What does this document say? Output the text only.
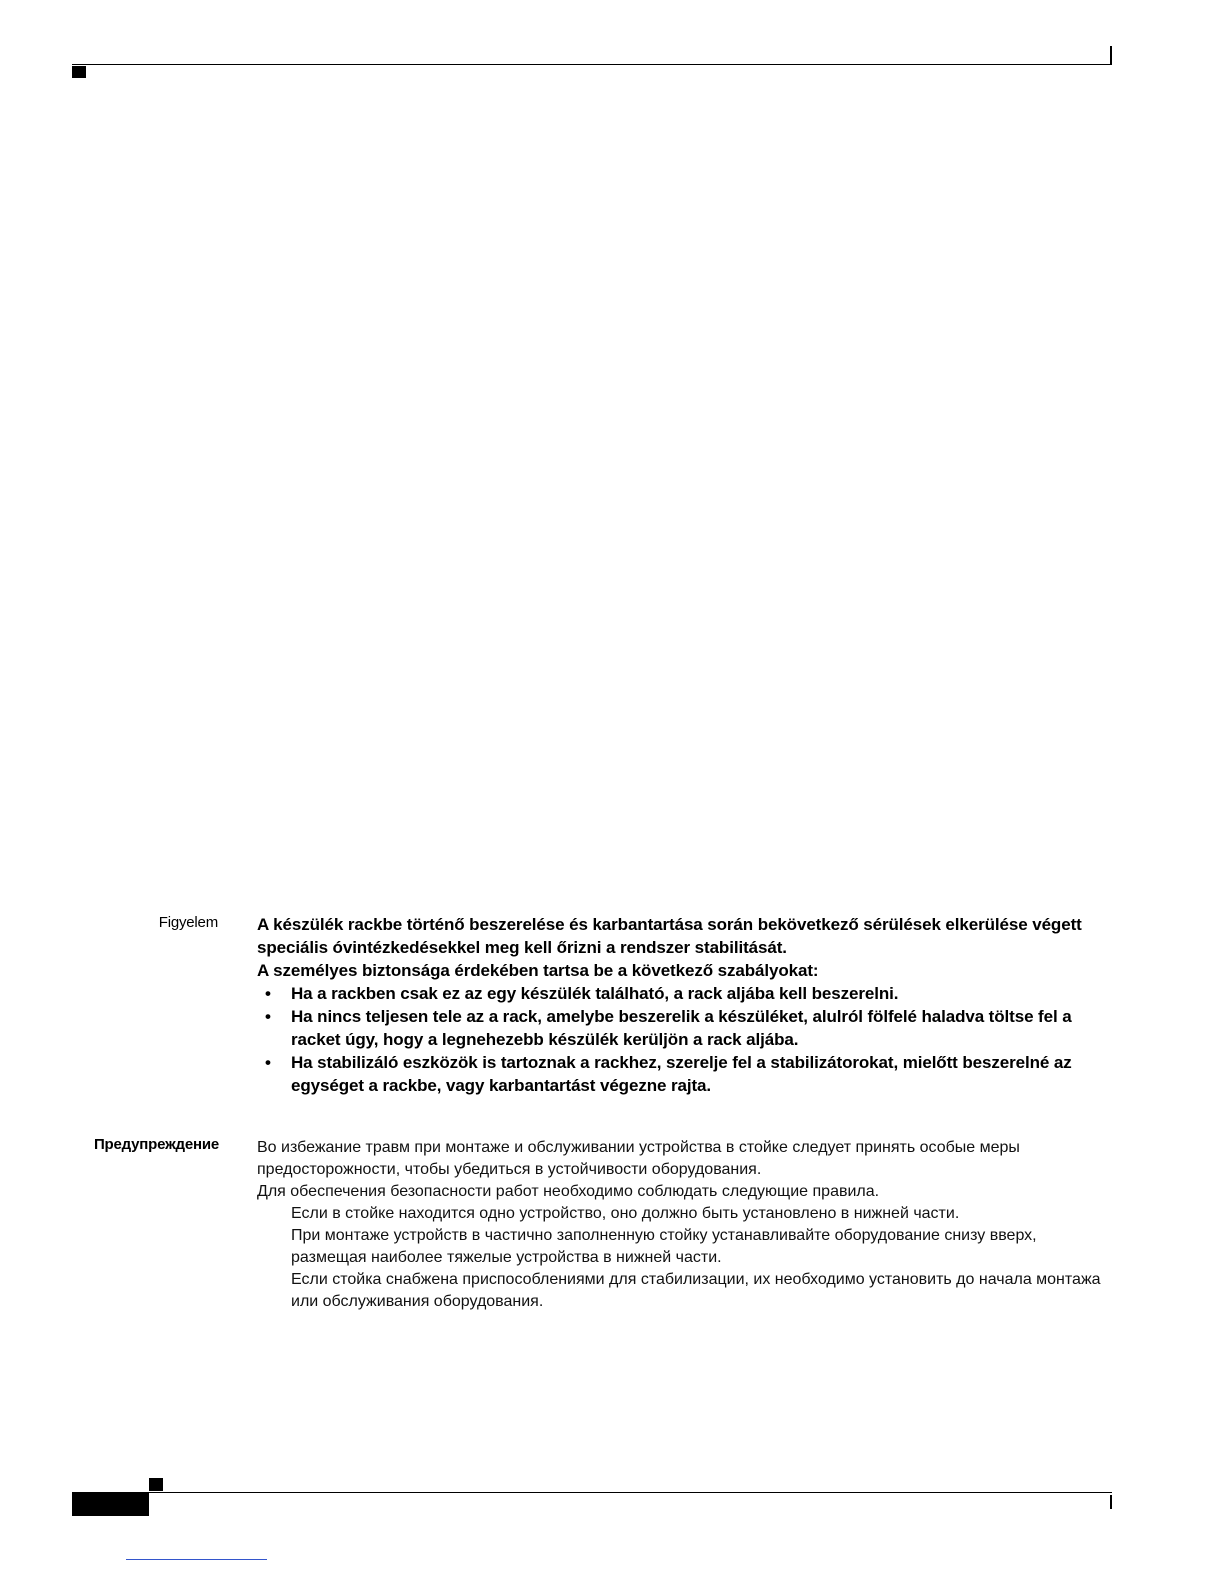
Figyelem A készülék rackbe történő beszerelése és karbantartása során bekövetkező sérülések elkerülése végett speciális óvintézkedésekkel meg kell őrizni a rendszer stabilitását.

A személyes biztonsága érdekében tartsa be a következő szabályokat:

• Ha a rackben csak ez az egy készülék található, a rack aljába kell beszerelni.
• Ha nincs teljesen tele az a rack, amelybe beszerelik a készüléket, alulról fölfelé haladva töltse fel a racket úgy, hogy a legnehezebb készülék kerüljön a rack aljába.
• Ha stabilizáló eszközök is tartoznak a rackhez, szerelje fel a stabilizátorokat, mielőtt beszerelné az egységet a rackbe, vagy karbantartást végezne rajta.
Предупреждение Во избежание травм при монтаже и обслуживании устройства в стойке следует принять особые меры предосторожности, чтобы убедиться в устойчивости оборудования.

Для обеспечения безопасности работ необходимо соблюдать следующие правила.

Если в стойке находится одно устройство, оно должно быть установлено в нижней части.
При монтаже устройств в частично заполненную стойку устанавливайте оборудование снизу вверх, размещая наиболее тяжелые устройства в нижней части.
Если стойка снабжена приспособлениями для стабилизации, их необходимо установить до начала монтажа или обслуживания оборудования.
